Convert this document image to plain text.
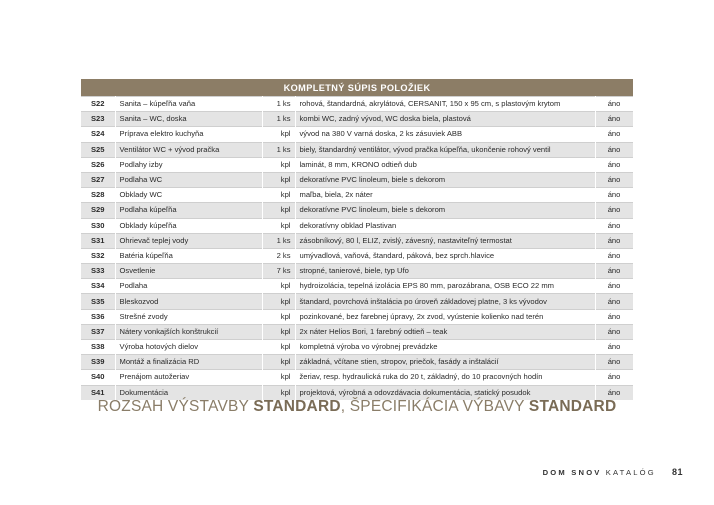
KOMPLETNÝ SÚPIS POLOŽIEK				
S22	Sanita – kúpeľňa vaňa	1 ks	rohová, štandardná, akrylátová, CERSANIT, 150 x 95 cm, s plastovým krytom	áno
S23	Sanita – WC, doska	1 ks	kombi WC, zadný vývod, WC doska biela, plastová	áno
S24	Príprava elektro kuchyňa	kpl	vývod na 380 V varná doska, 2 ks zásuviek ABB	áno
S25	Ventilátor WC + vývod pračka	1 ks	biely, štandardný ventilátor, vývod pračka kúpeľňa, ukončenie rohový ventil	áno
S26	Podlahy izby	kpl	laminát, 8 mm, KRONO odtieň dub	áno
S27	Podlaha WC	kpl	dekoratívne PVC linoleum, biele s dekorom	áno
S28	Obklady WC	kpl	maľba, biela, 2x náter	áno
S29	Podlaha kúpeľňa	kpl	dekoratívne PVC linoleum, biele s dekorom	áno
S30	Obklady kúpeľňa	kpl	dekoratívny obklad Plastivan	áno
S31	Ohrievač teplej vody	1 ks	zásobníkový, 80 l, ELIZ, zvislý, závesný, nastaviteľný termostat	áno
S32	Batéria kúpeľňa	2 ks	umývadlová, vaňová, štandard, páková, bez sprch.hlavice	áno
S33	Osvetlenie	7 ks	stropné, tanierové, biele, typ Ufo	áno
S34	Podlaha	kpl	hydroizolácia, tepelná izolácia EPS 80 mm, parozábrana, OSB ECO 22 mm	áno
S35	Bleskozvod	kpl	štandard, povrchová inštalácia po úroveň základovej platne, 3 ks vývodov	áno
S36	Strešné zvody	kpl	pozinkované, bez farebnej úpravy, 2x zvod, vyústenie kolienko nad terén	áno
S37	Nátery vonkajších konštrukcií	kpl	2x náter Helios Bori, 1 farebný odtieň – teak	áno
S38	Výroba hotových dielov	kpl	kompletná výroba vo výrobnej prevádzke	áno
S39	Montáž a finalizácia RD	kpl	základná, včítane stien, stropov, priečok, fasády a inštalácií	áno
S40	Prenájom autožeriav	kpl	žeriav, resp. hydraulická ruka do 20 t, základný, do 10 pracovných hodín	áno
S41	Dokumentácia	kpl	projektová, výrobná a odovzdávacia dokumentácia, statický posudok	áno
ROZSAH VÝSTAVBY STANDARD, ŠPECIFIKÁCIA VÝBAVY STANDARD
DOM SNOV KATALÓG 81
